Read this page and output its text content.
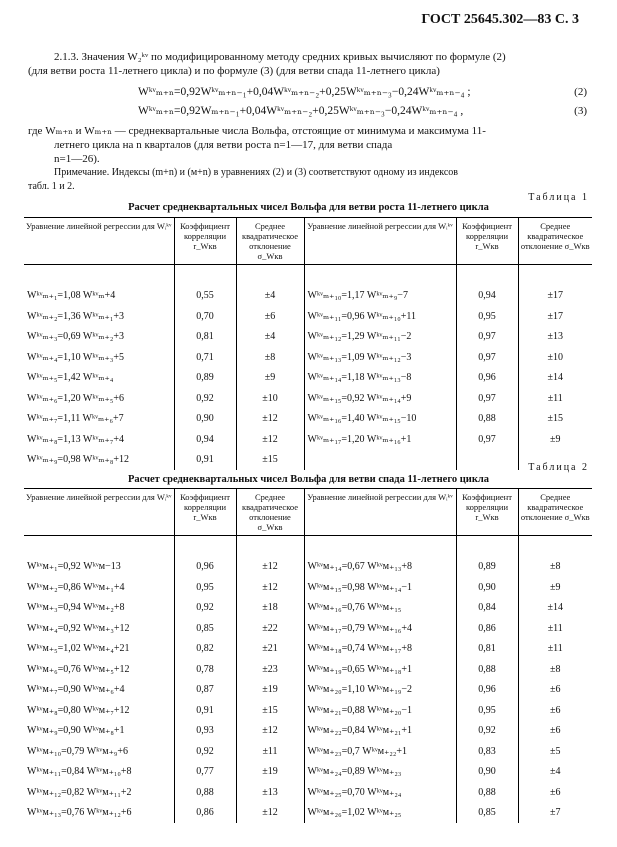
ГОСТ 25645.302—83 С. 3
2.1.3. Значения W₂ᵏᵛ по модифицированному методу средних кривых вычисляют по формуле (2)
(для ветви роста 11-летнего цикла) и по формуле (3) (для ветви спада 11-летнего цикла)
Wᵏᵛₘ₊ₙ=0,92Wᵏᵛₘ₊ₙ₋₁+0,04Wᵏᵛₘ₊ₙ₋₂+0,25Wᵏᵛₘ₊ₙ₋₃−0,24Wᵏᵛₘ₊ₙ₋₄ ;	(2)
Wᵏᵛₘ₊ₙ=0,92Wₘ₊ₙ₋₁+0,04Wᵏᵛₘ₊ₙ₋₂+0,25Wᵏᵛₘ₊ₙ₋₃−0,24Wᵏᵛₘ₊ₙ₋₄ ,	(3)
где Wₘ₊ₙ и Wₘ₊ₙ — среднеквартальные числа Вольфа, отстоящие от минимума и максимума 11-
летнего цикла на n кварталов (для ветви роста n=1—17, для ветви спада
n=1—26).
Примечание. Индексы (m+n) и (м+n) в уравнениях (2) и (3) соответствуют одному из индексов
табл. 1 и 2.
Таблица 1
Расчет среднеквартальных чисел Вольфа для ветви роста 11-летнего цикла
Уравнение линейной регрессии для Wᵢᵏᵛ	Коэффициент корреляции r_Wкв	Среднее квадратическое отклонение σ_Wкв	Уравнение линейной регрессии для Wᵢᵏᵛ	Коэффициент корреляции r_Wкв	Среднее квадратическое отклонение σ_Wкв

Wᵏᵛₘ₊₁=1,08 Wᵏᵛₘ+4	0,55	±4	Wᵏᵛₘ₊₁₀=1,17 Wᵏᵛₘ₊₉−7	0,94	±17
Wᵏᵛₘ₊₂=1,36 Wᵏᵛₘ₊₁+3	0,70	±6	Wᵏᵛₘ₊₁₁=0,96 Wᵏᵛₘ₊₁₀+11	0,95	±17
Wᵏᵛₘ₊₃=0,69 Wᵏᵛₘ₊₂+3	0,81	±4	Wᵏᵛₘ₊₁₂=1,29 Wᵏᵛₘ₊₁₁−2	0,97	±13
Wᵏᵛₘ₊₄=1,10 Wᵏᵛₘ₊₃+5	0,71	±8	Wᵏᵛₘ₊₁₃=1,09 Wᵏᵛₘ₊₁₂−3	0,97	±10
Wᵏᵛₘ₊₅=1,42 Wᵏᵛₘ₊₄	0,89	±9	Wᵏᵛₘ₊₁₄=1,18 Wᵏᵛₘ₊₁₃−8	0,96	±14
Wᵏᵛₘ₊₆=1,20 Wᵏᵛₘ₊₅+6	0,92	±10	Wᵏᵛₘ₊₁₅=0,92 Wᵏᵛₘ₊₁₄+9	0,97	±11
Wᵏᵛₘ₊₇=1,11 Wᵏᵛₘ₊₆+7	0,90	±12	Wᵏᵛₘ₊₁₆=1,40 Wᵏᵛₘ₊₁₅−10	0,88	±15
Wᵏᵛₘ₊₈=1,13 Wᵏᵛₘ₊₇+4	0,94	±12	Wᵏᵛₘ₊₁₇=1,20 Wᵏᵛₘ₊₁₆+1	0,97	±9
Wᵏᵛₘ₊₉=0,98 Wᵏᵛₘ₊₈+12	0,91	±15			
Таблица 2
Расчет среднеквартальных чисел Вольфа для ветви спада 11-летнего цикла
Уравнение линейной регрессии для Wᵢᵏᵛ	Коэффициент корреляции r_Wкв	Среднее квадратическое отклонение σ_Wкв	Уравнение линейной регрессии для Wᵢᵏᵛ	Коэффициент корреляции r_Wкв	Среднее квадратическое отклонение σ_Wкв

Wᵏᵛм₊₁=0,92 Wᵏᵛм−13	0,96	±12	Wᵏᵛм₊₁₄=0,67 Wᵏᵛм₊₁₃+8	0,89	±8
Wᵏᵛм₊₂=0,86 Wᵏᵛм₊₁+4	0,95	±12	Wᵏᵛм₊₁₅=0,98 Wᵏᵛм₊₁₄−1	0,90	±9
Wᵏᵛм₊₃=0,94 Wᵏᵛм₊₂+8	0,92	±18	Wᵏᵛм₊₁₆=0,76 Wᵏᵛм₊₁₅	0,84	±14
Wᵏᵛм₊₄=0,92 Wᵏᵛм₊₃+12	0,85	±22	Wᵏᵛм₊₁₇=0,79 Wᵏᵛм₊₁₆+4	0,86	±11
Wᵏᵛм₊₅=1,02 Wᵏᵛм₊₄+21	0,82	±21	Wᵏᵛм₊₁₈=0,74 Wᵏᵛм₊₁₇+8	0,81	±11
Wᵏᵛм₊₆=0,76 Wᵏᵛм₊₅+12	0,78	±23	Wᵏᵛм₊₁₉=0,65 Wᵏᵛм₊₁₈+1	0,88	±8
Wᵏᵛм₊₇=0,90 Wᵏᵛм₊₆+4	0,87	±19	Wᵏᵛм₊₂₀=1,10 Wᵏᵛм₊₁₉−2	0,96	±6
Wᵏᵛм₊₈=0,80 Wᵏᵛм₊₇+12	0,91	±15	Wᵏᵛм₊₂₁=0,88 Wᵏᵛм₊₂₀−1	0,95	±6
Wᵏᵛм₊₉=0,90 Wᵏᵛм₊₈+1	0,93	±12	Wᵏᵛм₊₂₂=0,84 Wᵏᵛм₊₂₁+1	0,92	±6
Wᵏᵛм₊₁₀=0,79 Wᵏᵛм₊₉+6	0,92	±11	Wᵏᵛм₊₂₃=0,7 Wᵏᵛм₊₂₂+1	0,83	±5
Wᵏᵛм₊₁₁=0,84 Wᵏᵛм₊₁₀+8	0,77	±19	Wᵏᵛм₊₂₄=0,89 Wᵏᵛм₊₂₃	0,90	±4
Wᵏᵛм₊₁₂=0,82 Wᵏᵛм₊₁₁+2	0,88	±13	Wᵏᵛм₊₂₅=0,70 Wᵏᵛм₊₂₄	0,88	±6
Wᵏᵛм₊₁₃=0,76 Wᵏᵛм₊₁₂+6	0,86	±12	Wᵏᵛм₊₂₆=1,02 Wᵏᵛм₊₂₅	0,85	±7
